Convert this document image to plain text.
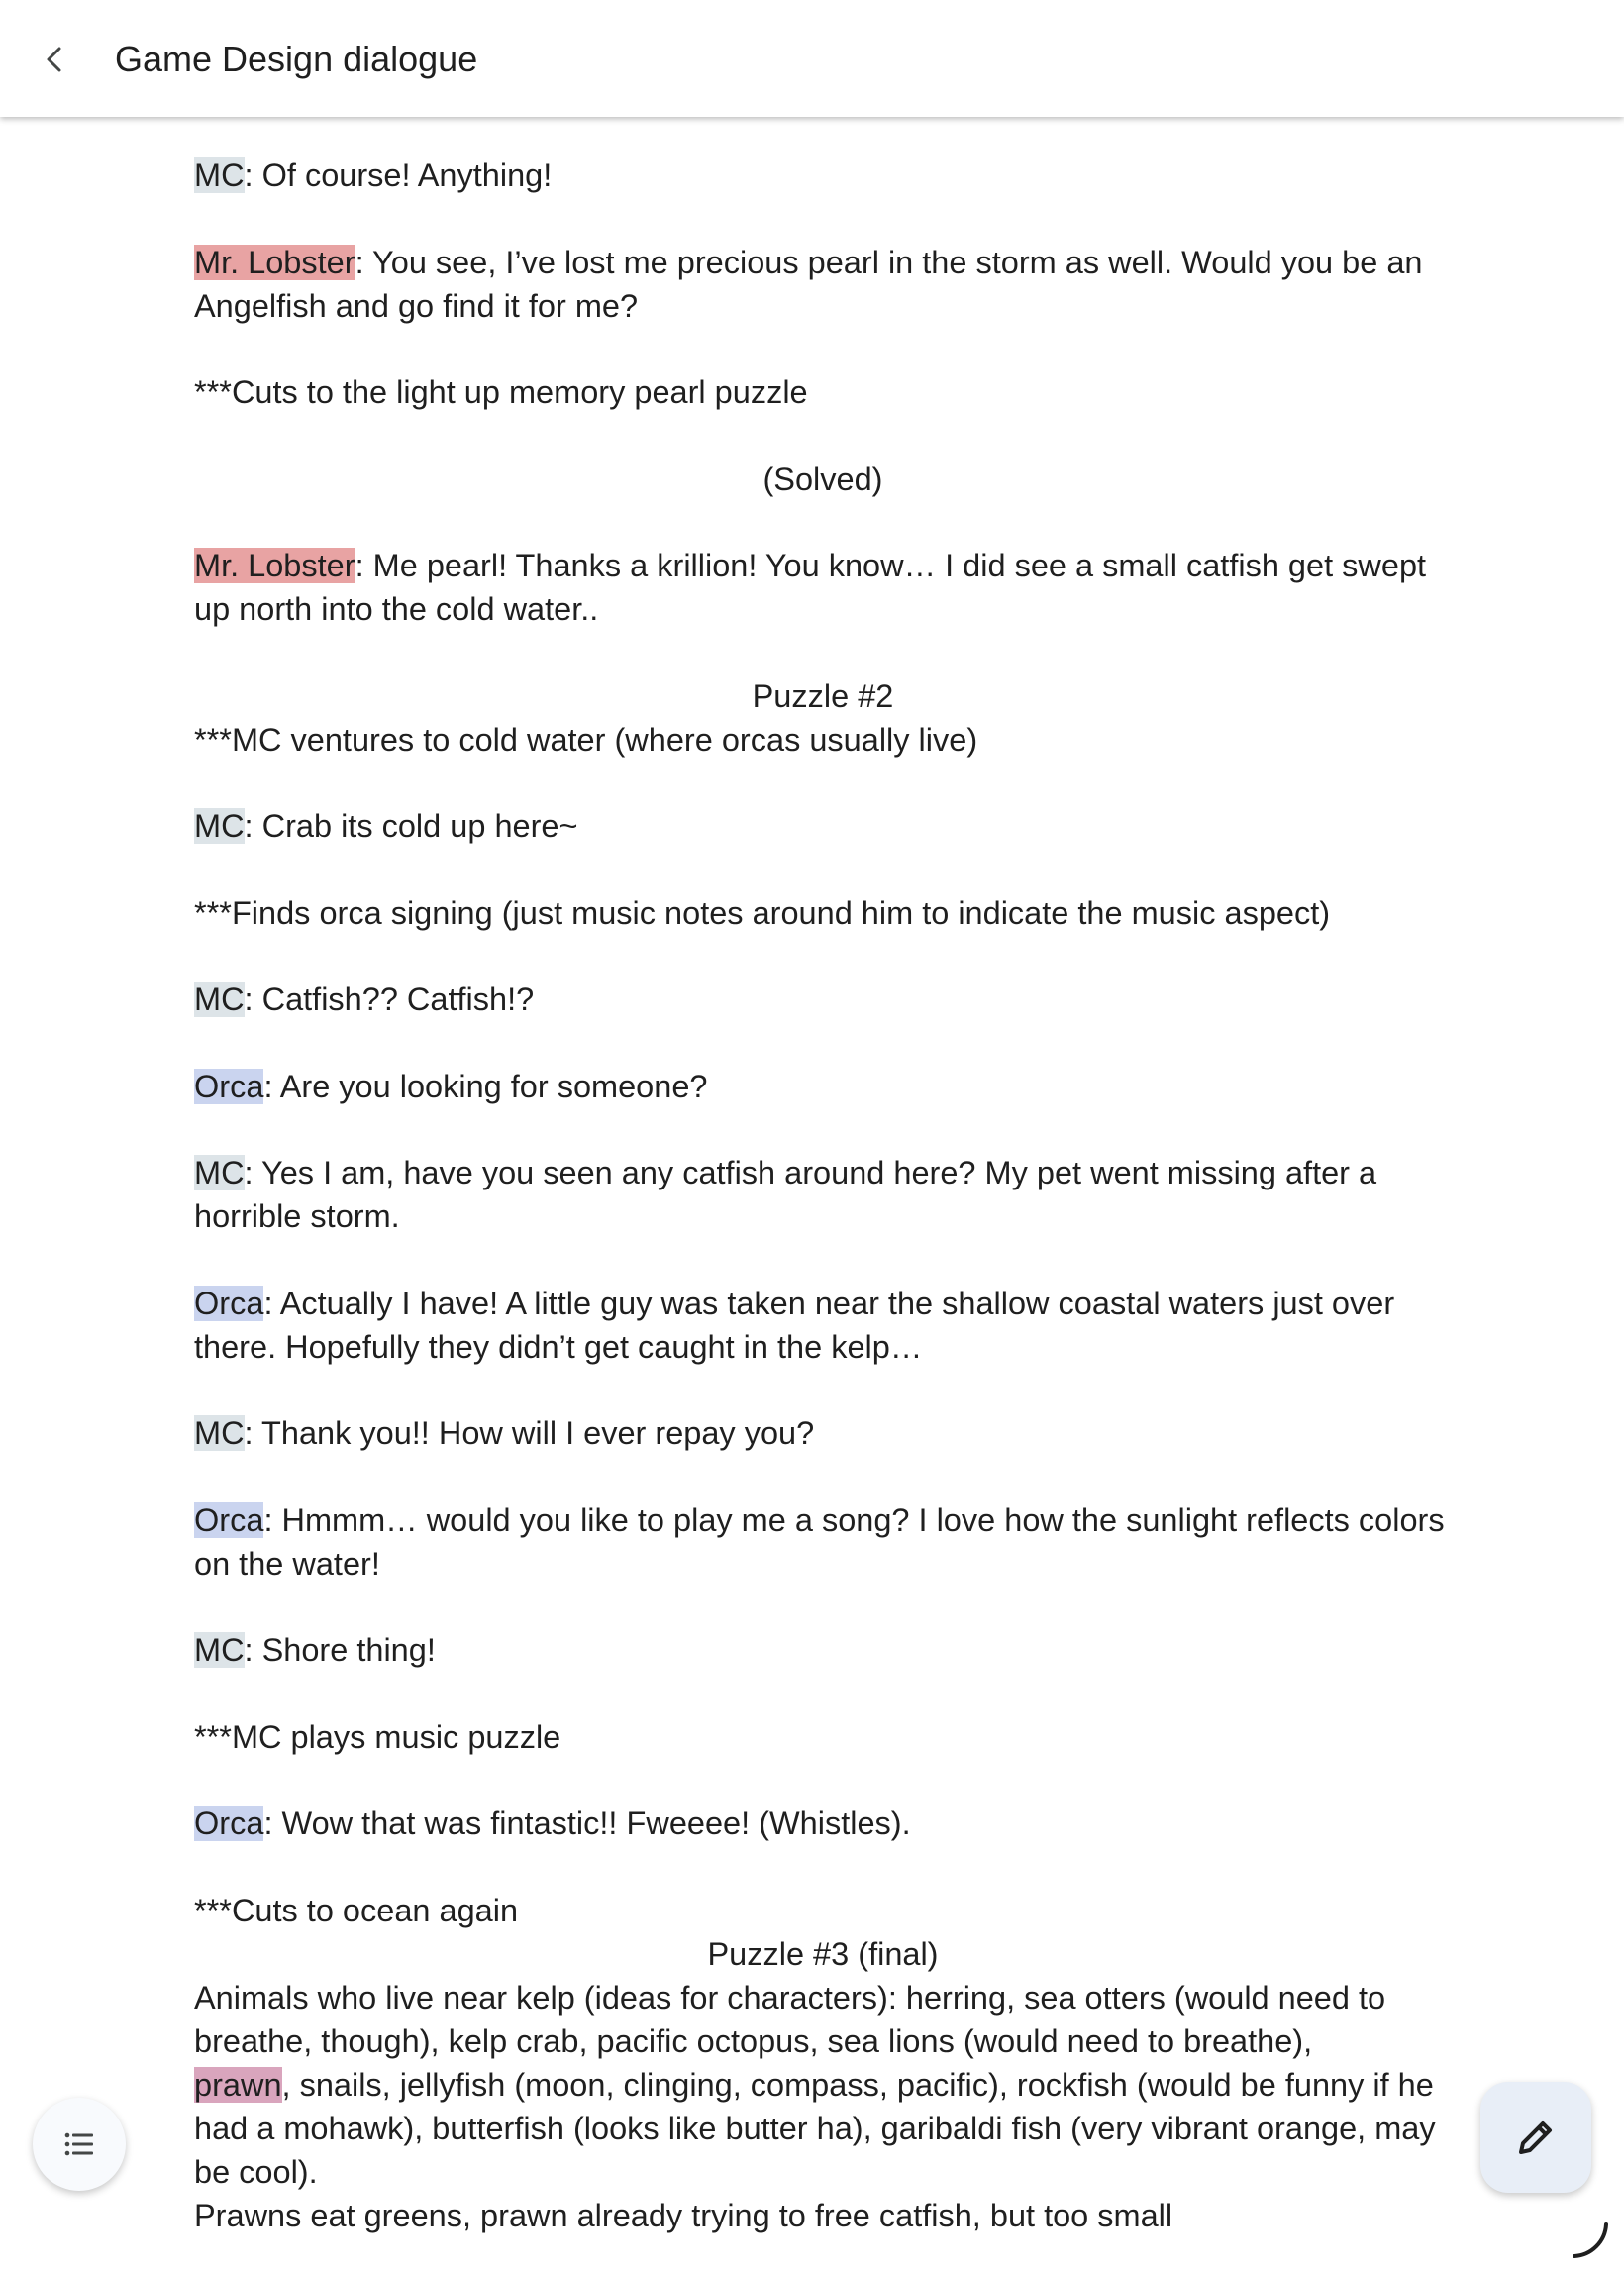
Game Design dialogue

MC: Of course! Anything!

Mr. Lobster: You see, I’ve lost me precious pearl in the storm as well. Would you be an Angelfish and go find it for me?

***Cuts to the light up memory pearl puzzle

(Solved)

Mr. Lobster: Me pearl! Thanks a krillion! You know… I did see a small catfish get swept up north into the cold water..

Puzzle #2

***MC ventures to cold water (where orcas usually live)

MC: Crab its cold up here~

***Finds orca signing (just music notes around him to indicate the music aspect)

MC: Catfish?? Catfish!?

Orca: Are you looking for someone?

MC: Yes I am, have you seen any catfish around here? My pet went missing after a horrible storm.

Orca: Actually I have! A little guy was taken near the shallow coastal waters just over there. Hopefully they didn’t get caught in the kelp…

MC: Thank you!! How will I ever repay you?

Orca: Hmmm… would you like to play me a song? I love how the sunlight reflects colors on the water!

MC: Shore thing!

***MC plays music puzzle

Orca: Wow that was fintastic!! Fweeee! (Whistles).

***Cuts to ocean again

Puzzle #3 (final)

Animals who live near kelp (ideas for characters): herring, sea otters (would need to breathe, though), kelp crab, pacific octopus, sea lions (would need to breathe),

prawn, snails, jellyfish (moon, clinging, compass, pacific), rockfish (would be funny if he had a mohawk), butterfish (looks like butter ha), garibaldi fish (very vibrant orange, may be cool).

Prawns eat greens, prawn already trying to free catfish, but too small
